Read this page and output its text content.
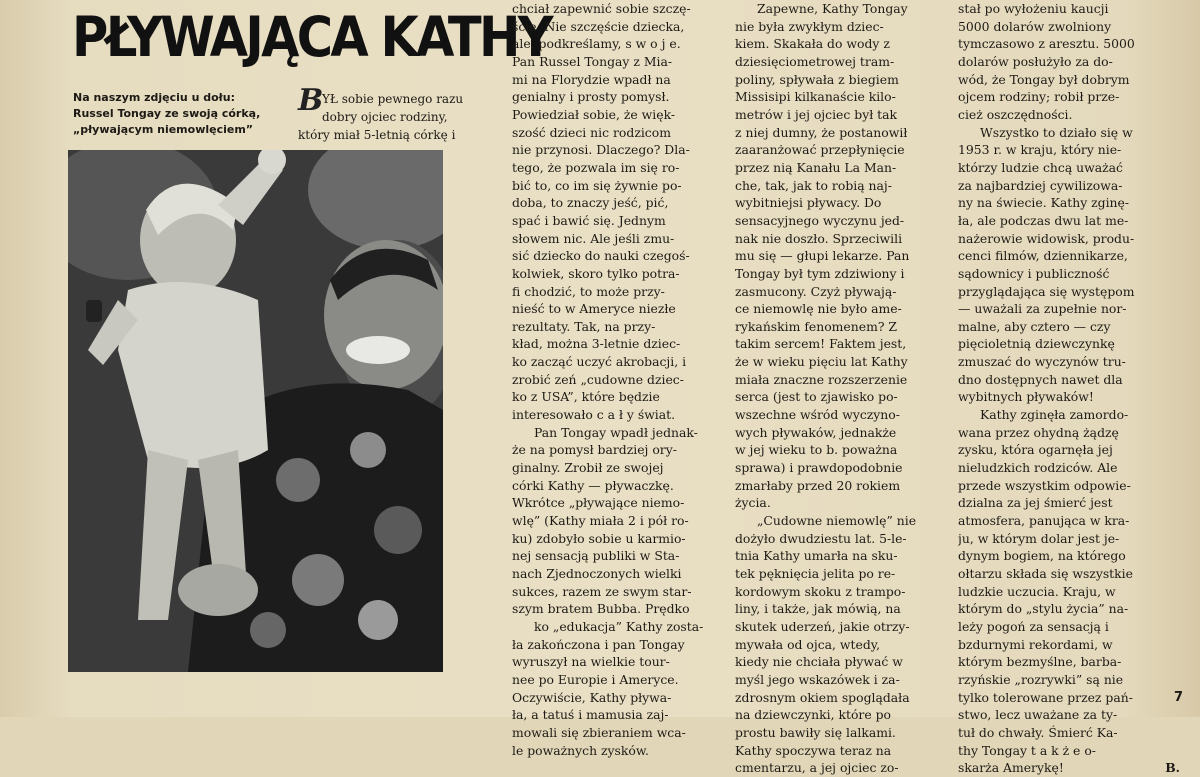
PŁYWAJĄCA KATHY
Na naszym zdjęciu u dołu:
Russel Tongay ze swoją córką,
„pływającym niemowlęciem”
B
YŁ sobie pewnego razu
dobry ojciec rodziny,
który miał 5-letnią córkę i
chciał zapewnić sobie szczę-
ście. Nie szczęście dziecka,
ale, podkreślamy, s w o j e.
Pan Russel Tongay z Mia-
mi na Florydzie wpadł na
genialny i prosty pomysł.
Powiedział sobie, że więk-
szość dzieci nic rodzicom
nie przynosi. Dlaczego? Dla-
tego, że pozwala im się ro-
bić to, co im się żywnie po-
doba, to znaczy jeść, pić,
spać i bawić się. Jednym
słowem nic. Ale jeśli zmu-
sić dziecko do nauki czegoś-
kolwiek, skoro tylko potra-
fi chodzić, to może przy-
nieść to w Ameryce niezłe
rezultaty. Tak, na przy-
kład, można 3-letnie dziec-
ko zacząć uczyć akrobacji, i
zrobić zeń „cudowne dziec-
ko z USA”, które będzie
interesowało c a ł y świat.
Pan Tongay wpadł jednak-
że na pomysł bardziej ory-
ginalny. Zrobił ze swojej
córki Kathy — pływaczkę.
Wkrótce „pływające niemo-
wlę” (Kathy miała 2 i pół ro-
ku) zdobyło sobie u karmio-
nej sensacją publiki w Sta-
nach Zjednoczonych wielki
sukces, razem ze swym star-
szym bratem Bubba. Prędko
ko „edukacja” Kathy zosta-
ła zakończona i pan Tongay
wyruszył na wielkie tour-
nee po Europie i Ameryce.
Oczywiście, Kathy pływa-
ła, a tatuś i mamusia zaj-
mowali się zbieraniem wca-
le poważnych zysków.
Zapewne, Kathy Tongay
nie była zwykłym dziec-
kiem. Skakała do wody z
dziesięciometrowej tram-
poliny, spływała z biegiem
Missisipi kilkanaście kilo-
metrów i jej ojciec był tak
z niej dumny, że postanowił
zaaranżować przepłynięcie
przez nią Kanału La Man-
che, tak, jak to robią naj-
wybitniejsi pływacy. Do
sensacyjnego wyczynu jed-
nak nie doszło. Sprzeciwili
mu się — głupi lekarze. Pan
Tongay był tym zdziwiony i
zasmucony. Czyż pływają-
ce niemowlę nie było ame-
rykańskim fenomenem? Z
takim sercem! Faktem jest,
że w wieku pięciu lat Kathy
miała znaczne rozszerzenie
serca (jest to zjawisko po-
wszechne wśród wyczyno-
wych pływaków, jednakże
w jej wieku to b. poważna
sprawa) i prawdopodobnie
zmarłaby przed 20 rokiem
życia.
„Cudowne niemowlę” nie
dożyło dwudziestu lat. 5-le-
tnia Kathy umarła na sku-
tek pęknięcia jelita po re-
kordowym skoku z trampo-
liny, i także, jak mówią, na
skutek uderzeń, jakie otrzy-
mywała od ojca, wtedy,
kiedy nie chciała pływać w
myśl jego wskazówek i za-
zdrosnym okiem spoglądała
na dziewczynki, które po
prostu bawiły się lalkami.
Kathy spoczywa teraz na
cmentarzu, a jej ojciec zo-
stał po wyłożeniu kaucji
5000 dolarów zwolniony
tymczasowo z aresztu. 5000
dolarów posłużyło za do-
wód, że Tongay był dobrym
ojcem rodziny; robił prze-
cież oszczędności.
Wszystko to działo się w
1953 r. w kraju, który nie-
którzy ludzie chcą uważać
za najbardziej cywilizowa-
ny na świecie. Kathy zginę-
ła, ale podczas dwu lat me-
nażerowie widowisk, produ-
cenci filmów, dziennikarze,
sądownicy i publiczność
przyglądająca się występom
— uważali za zupełnie nor-
malne, aby cztero — czy
pięcioletnią dziewczynkę
zmuszać do wyczynów tru-
dno dostępnych nawet dla
wybitnych pływaków!
Kathy zginęła zamordo-
wana przez ohydną żądzę
zysku, która ogarnęła jej
nieludzkich rodziców. Ale
przede wszystkim odpowie-
dzialna za jej śmierć jest
atmosfera, panująca w kra-
ju, w którym dolar jest je-
dynym bogiem, na którego
ołtarzu składa się wszystkie
ludzkie uczucia. Kraju, w
którym do „stylu życia” na-
leży pogoń za sensacją i
bzdurnymi rekordami, w
którym bezmyślne, barba-
rzyńskie „rozrywki” są nie
tylko tolerowane przez pań-
stwo, lecz uważane za ty-
tuł do chwały. Śmierć Ka-
thy Tongay t a k ż e o-
skarża Amerykę!	B.
7
